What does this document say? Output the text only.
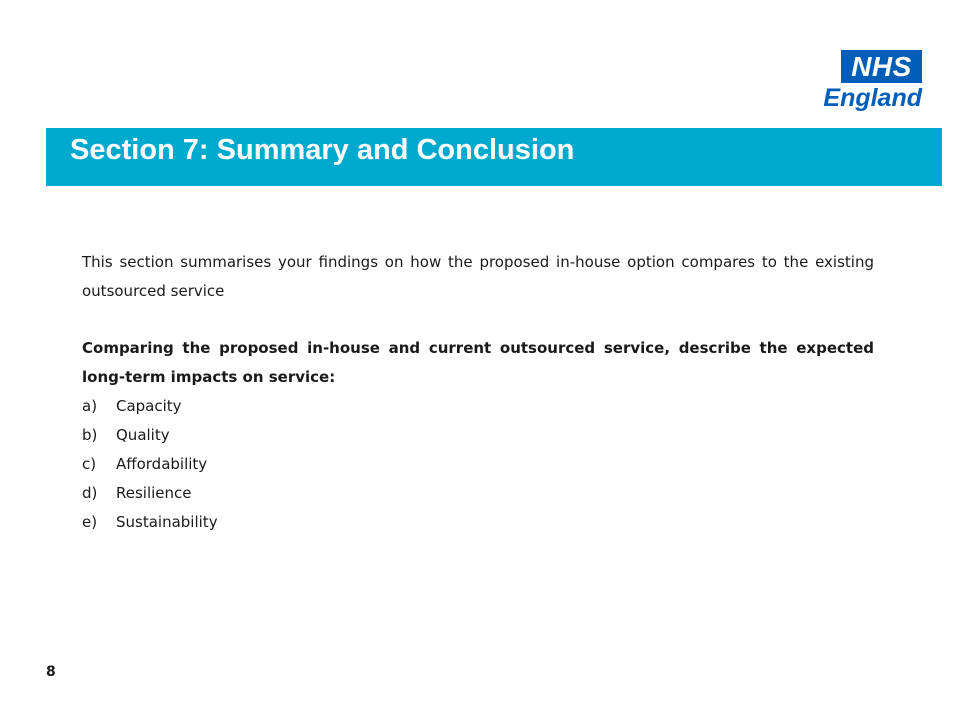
NHS
England
Section 7: Summary and Conclusion

This section summarises your findings on how the proposed in-house option compares to the existing outsourced service

Comparing the proposed in-house and current outsourced service, describe the expected long-term impacts on service:

a)	Capacity
b)	Quality
c)	Affordability
d)	Resilience
e)	Sustainability
8
